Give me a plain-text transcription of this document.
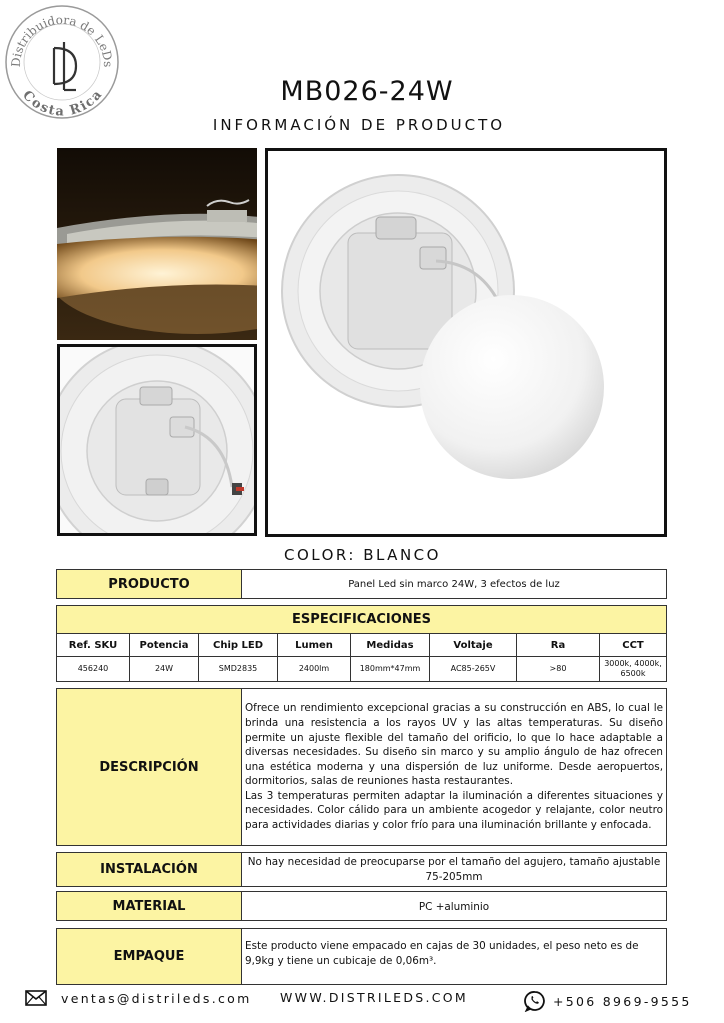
Distribuidora de LeDs
Costa Rica	MB026-24W
INFORMACIÓN DE PRODUCTO
COLOR: BLANCO
PRODUCTO	Panel Led sin marco 24W, 3 efectos de luz
ESPECIFICACIONES							
Ref. SKU	Potencia	Chip LED	Lumen	Medidas	Voltaje	Ra	CCT
456240	24W	SMD2835	2400lm	180mm*47mm	AC85-265V	>80	3000k, 4000k, 6500k
DESCRIPCIÓN	Ofrece un rendimiento excepcional gracias a su construcción en ABS, lo cual le brinda una resistencia a los rayos UV y las altas temperaturas. Su diseño permite un ajuste flexible del tamaño del orificio, lo que lo hace adaptable a diversas necesidades. Su diseño sin marco y su amplio ángulo de haz ofrecen una estética moderna y una dispersión de luz uniforme. Desde aeropuertos, dormitorios, salas de reuniones hasta restaurantes.
Las 3 temperaturas permiten adaptar la iluminación a diferentes situaciones y necesidades. Color cálido para un ambiente acogedor y relajante, color neutro para actividades diarias y color frío para una iluminación brillante y enfocada.
INSTALACIÓN	No hay necesidad de preocuparse por el tamaño del agujero, tamaño ajustable 75-205mm
MATERIAL	PC +aluminio
EMPAQUE	Este producto viene empacado en cajas de 30 unidades, el peso neto es de 9,9kg y tiene un cubicaje de 0,06m³.
ventas@distrileds.com WWW.DISTRILEDS.COM	+506 8969-9555
